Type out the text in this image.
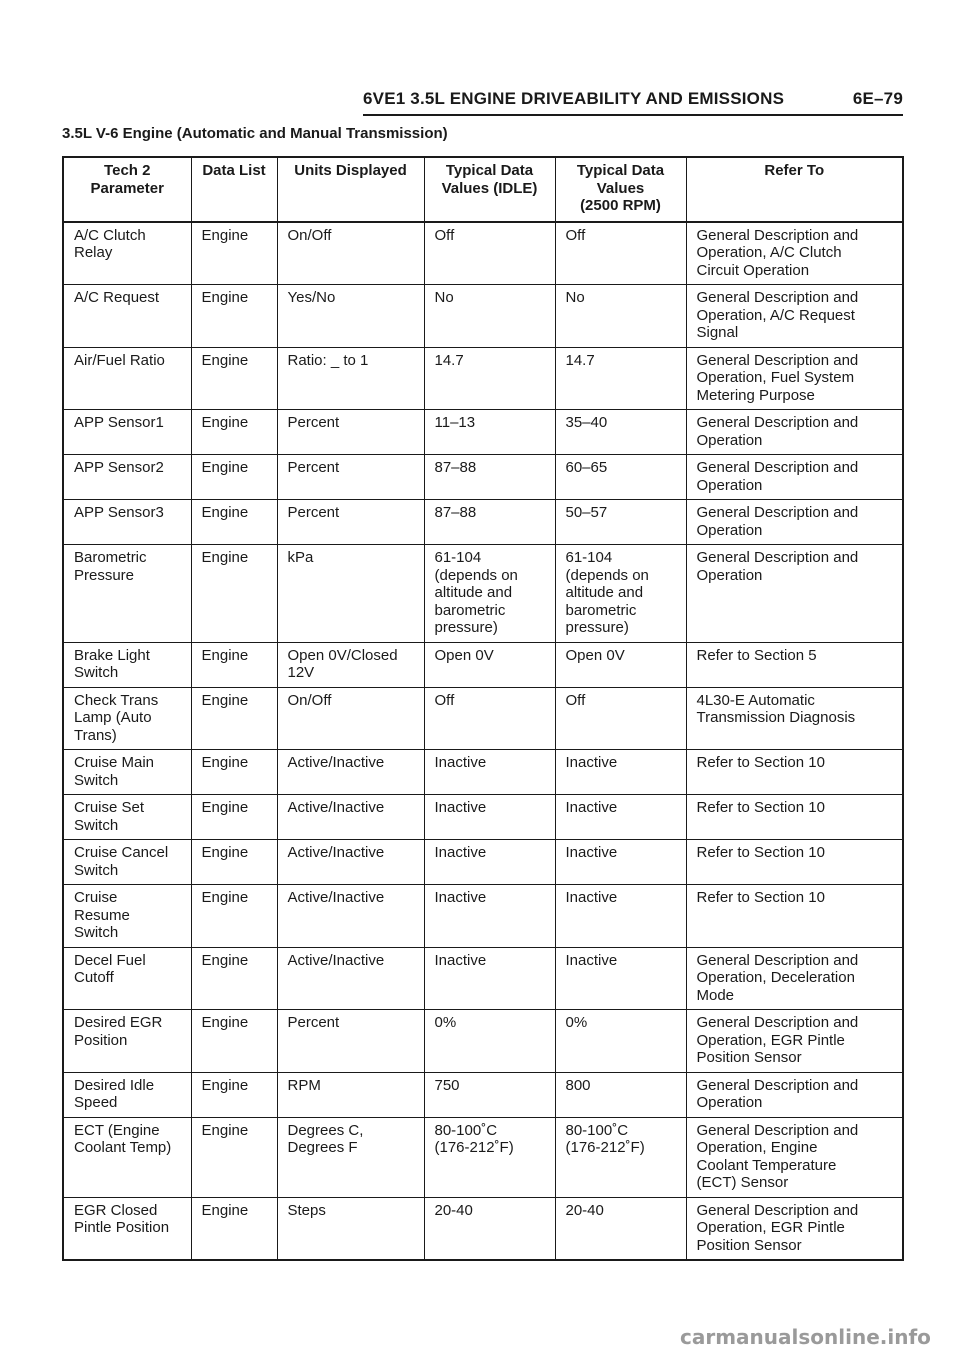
6VE1 3.5L ENGINE DRIVEABILITY AND EMISSIONS	6E–79
3.5L V-6 Engine (Automatic and Manual Transmission)
Tech 2
Parameter	Data List	Units Displayed	Typical Data
Values (IDLE)	Typical Data
Values
(2500 RPM)	Refer To
A/C Clutch
Relay	Engine	On/Off	Off	Off	General Description and
Operation, A/C Clutch
Circuit Operation
A/C Request	Engine	Yes/No	No	No	General Description and
Operation, A/C Request
Signal
Air/Fuel Ratio	Engine	Ratio: _ to 1	14.7	14.7	General Description and
Operation, Fuel System
Metering Purpose
APP Sensor1	Engine	Percent	11–13	35–40	General Description and
Operation
APP Sensor2	Engine	Percent	87–88	60–65	General Description and
Operation
APP Sensor3	Engine	Percent	87–88	50–57	General Description and
Operation
Barometric
Pressure	Engine	kPa	61-104
(depends on
altitude and
barometric
pressure)	61-104
(depends on
altitude and
barometric
pressure)	General Description and
Operation
Brake Light
Switch	Engine	Open 0V/Closed
12V	Open 0V	Open 0V	Refer to Section 5
Check Trans
Lamp (Auto
Trans)	Engine	On/Off	Off	Off	4L30-E Automatic
Transmission Diagnosis
Cruise Main
Switch	Engine	Active/Inactive	Inactive	Inactive	Refer to Section 10
Cruise Set
Switch	Engine	Active/Inactive	Inactive	Inactive	Refer to Section 10
Cruise Cancel
Switch	Engine	Active/Inactive	Inactive	Inactive	Refer to Section 10
Cruise
Resume
Switch	Engine	Active/Inactive	Inactive	Inactive	Refer to Section 10
Decel Fuel
Cutoff	Engine	Active/Inactive	Inactive	Inactive	General Description and
Operation, Deceleration
Mode
Desired EGR
Position	Engine	Percent	0%	0%	General Description and
Operation, EGR Pintle
Position Sensor
Desired Idle
Speed	Engine	RPM	750	800	General Description and
Operation
ECT (Engine
Coolant Temp)	Engine	Degrees C,
Degrees F	80-100˚C
(176-212˚F)	80-100˚C
(176-212˚F)	General Description and
Operation, Engine
Coolant Temperature
(ECT) Sensor
EGR Closed
Pintle Position	Engine	Steps	20-40	20-40	General Description and
Operation, EGR Pintle
Position Sensor
carmanualsonline.info
